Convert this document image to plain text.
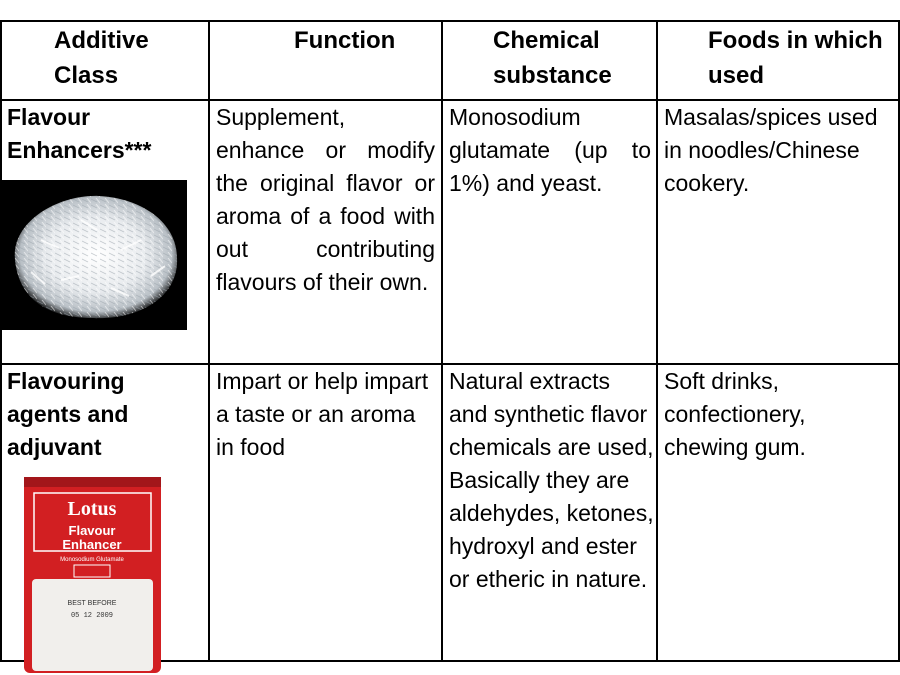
Additive Class
Function	Chemical substance
Foods in which used
Flavour Enhancers***
Supplement, enhance or modify the original flavor or aroma of a food with out contributing flavours of their own.
Monosodium glutamate (up to 1%) and yeast.
Masalas/spices used in noodles/Chinese cookery.
Flavouring agents and adjuvant
Impart or help impart a taste or an aroma in food
Natural extracts and synthetic flavor chemicals are used, Basically they are aldehydes, ketones, hydroxyl and ester or etheric in nature.
Soft drinks, confectionery, chewing gum.
Lotus
Flavour
Enhancer
Monosodium Glutamate
BEST BEFORE
05 12 2009
